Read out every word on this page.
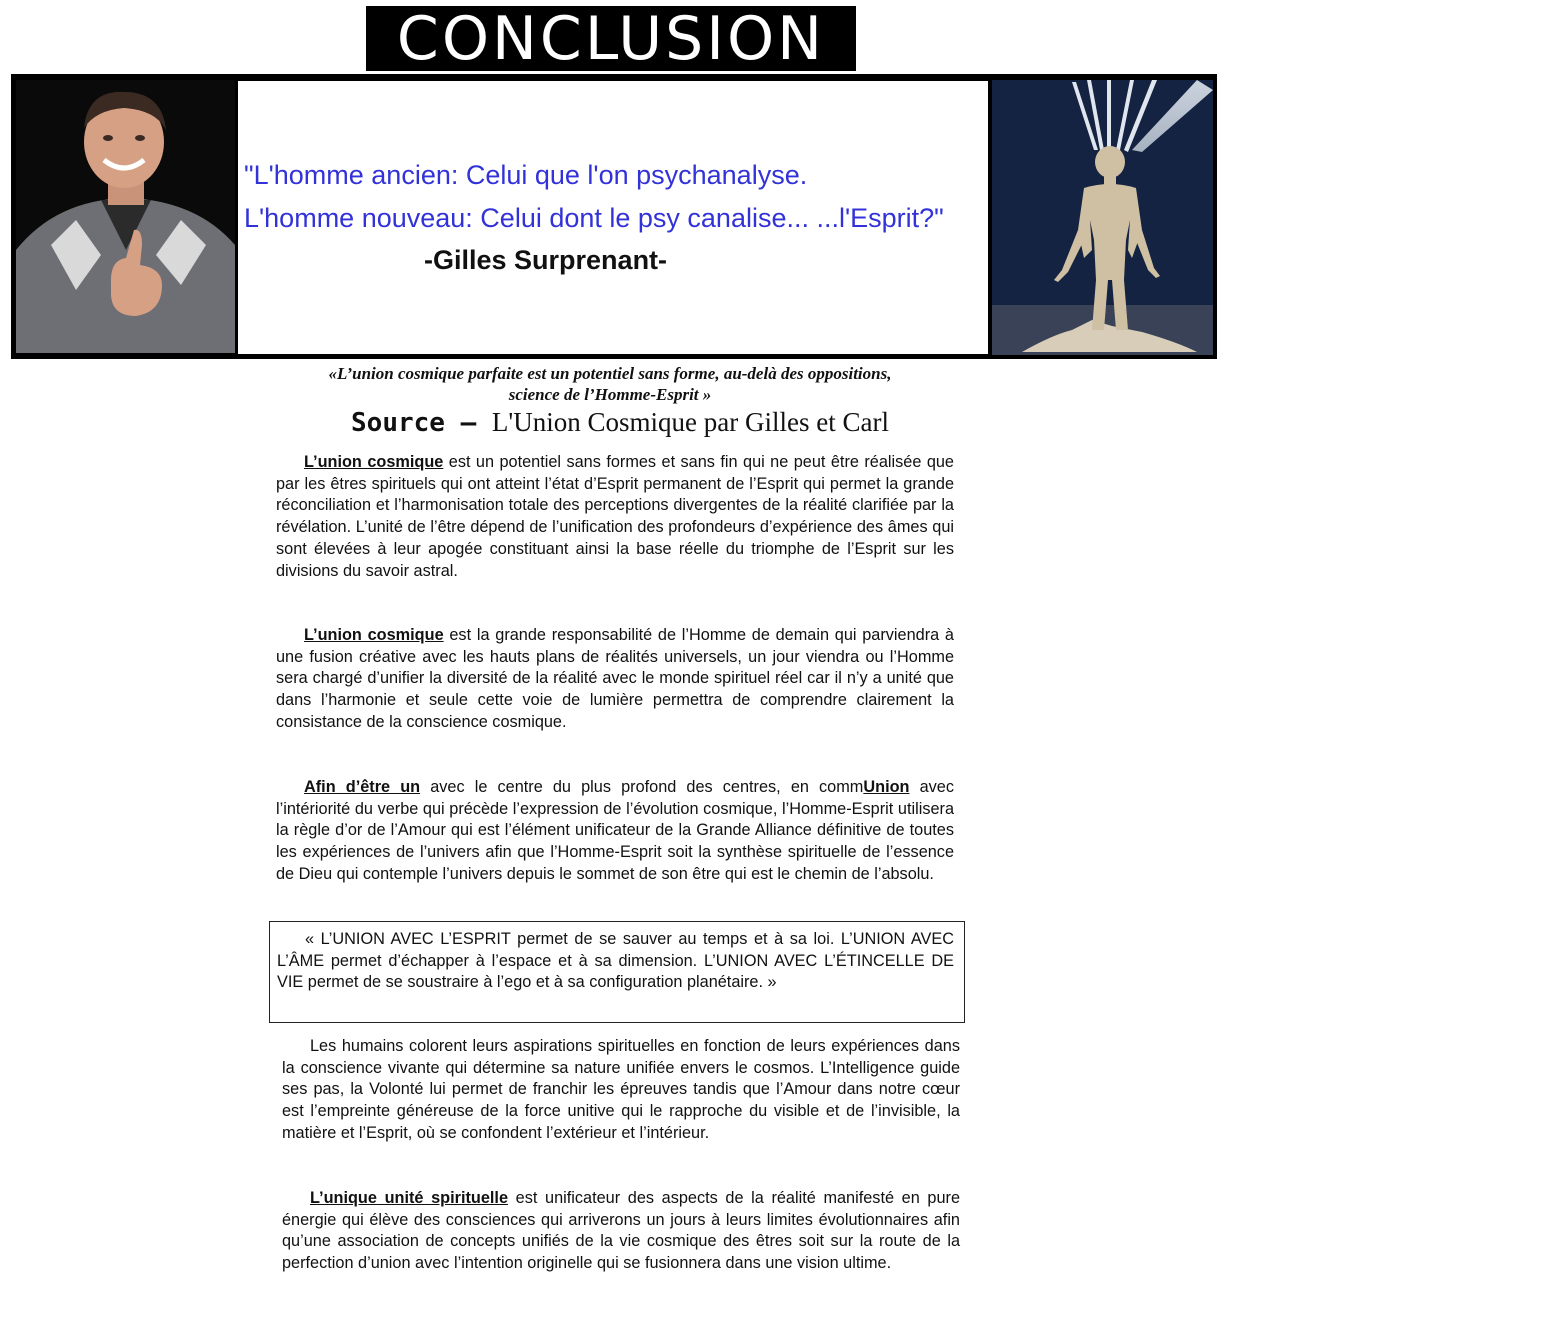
CONCLUSION
"L'homme ancien: Celui que l'on psychanalyse.
L'homme nouveau: Celui dont le psy canalise... ...l'Esprit?"
-Gilles Surprenant-
«L’union cosmique parfaite est un potentiel sans forme, au-delà des oppositions,
science de l’Homme-Esprit »
Source – L'Union Cosmique par Gilles et Carl
L’union cosmique est un potentiel sans formes et sans fin qui ne peut être réalisée que par les êtres spirituels qui ont atteint l’état d’Esprit permanent de l’Esprit qui permet la grande réconciliation et l’harmonisation totale des perceptions divergentes de la réalité clarifiée par la révélation. L’unité de l’être dépend de l’unification des profondeurs d’expérience des âmes qui sont élevées à leur apogée constituant ainsi la base réelle du triomphe de l’Esprit sur les divisions du savoir astral.
L’union cosmique est la grande responsabilité de l’Homme de demain qui parviendra à une fusion créative avec les hauts plans de réalités universels, un jour viendra ou l’Homme sera chargé d’unifier la diversité de la réalité avec le monde spirituel réel car il n’y a unité que dans l’harmonie et seule cette voie de lumière permettra de comprendre clairement la consistance de la conscience cosmique.
Afin d’être un avec le centre du plus profond des centres, en commUnion avec l’intériorité du verbe qui précède l’expression de l’évolution cosmique, l’Homme-Esprit utilisera la règle d’or de l’Amour qui est l’élément unificateur de la Grande Alliance définitive de toutes les expériences de l’univers afin que l’Homme-Esprit soit la synthèse spirituelle de l’essence de Dieu qui contemple l’univers depuis le sommet de son être qui est le chemin de l’absolu.
« L’UNION AVEC L’ESPRIT permet de se sauver au temps et à sa loi. L’UNION AVEC L’ÂME permet d’échapper à l’espace et à sa dimension. L’UNION AVEC L’ÉTINCELLE DE VIE permet de se soustraire à l’ego et à sa configuration planétaire. »
Les humains colorent leurs aspirations spirituelles en fonction de leurs expériences dans la conscience vivante qui détermine sa nature unifiée envers le cosmos. L’Intelligence guide ses pas, la Volonté lui permet de franchir les épreuves tandis que l’Amour dans notre cœur est l’empreinte généreuse de la force unitive qui le rapproche du visible et de l’invisible, la matière et l’Esprit, où se confondent l’extérieur et l’intérieur.
L’unique unité spirituelle est unificateur des aspects de la réalité manifesté en pure énergie qui élève des consciences qui arriverons un jours à leurs limites évolutionnaires afin qu’une association de concepts unifiés de la vie cosmique des êtres soit sur la route de la perfection d’union avec l’intention originelle qui se fusionnera dans une vision ultime.
